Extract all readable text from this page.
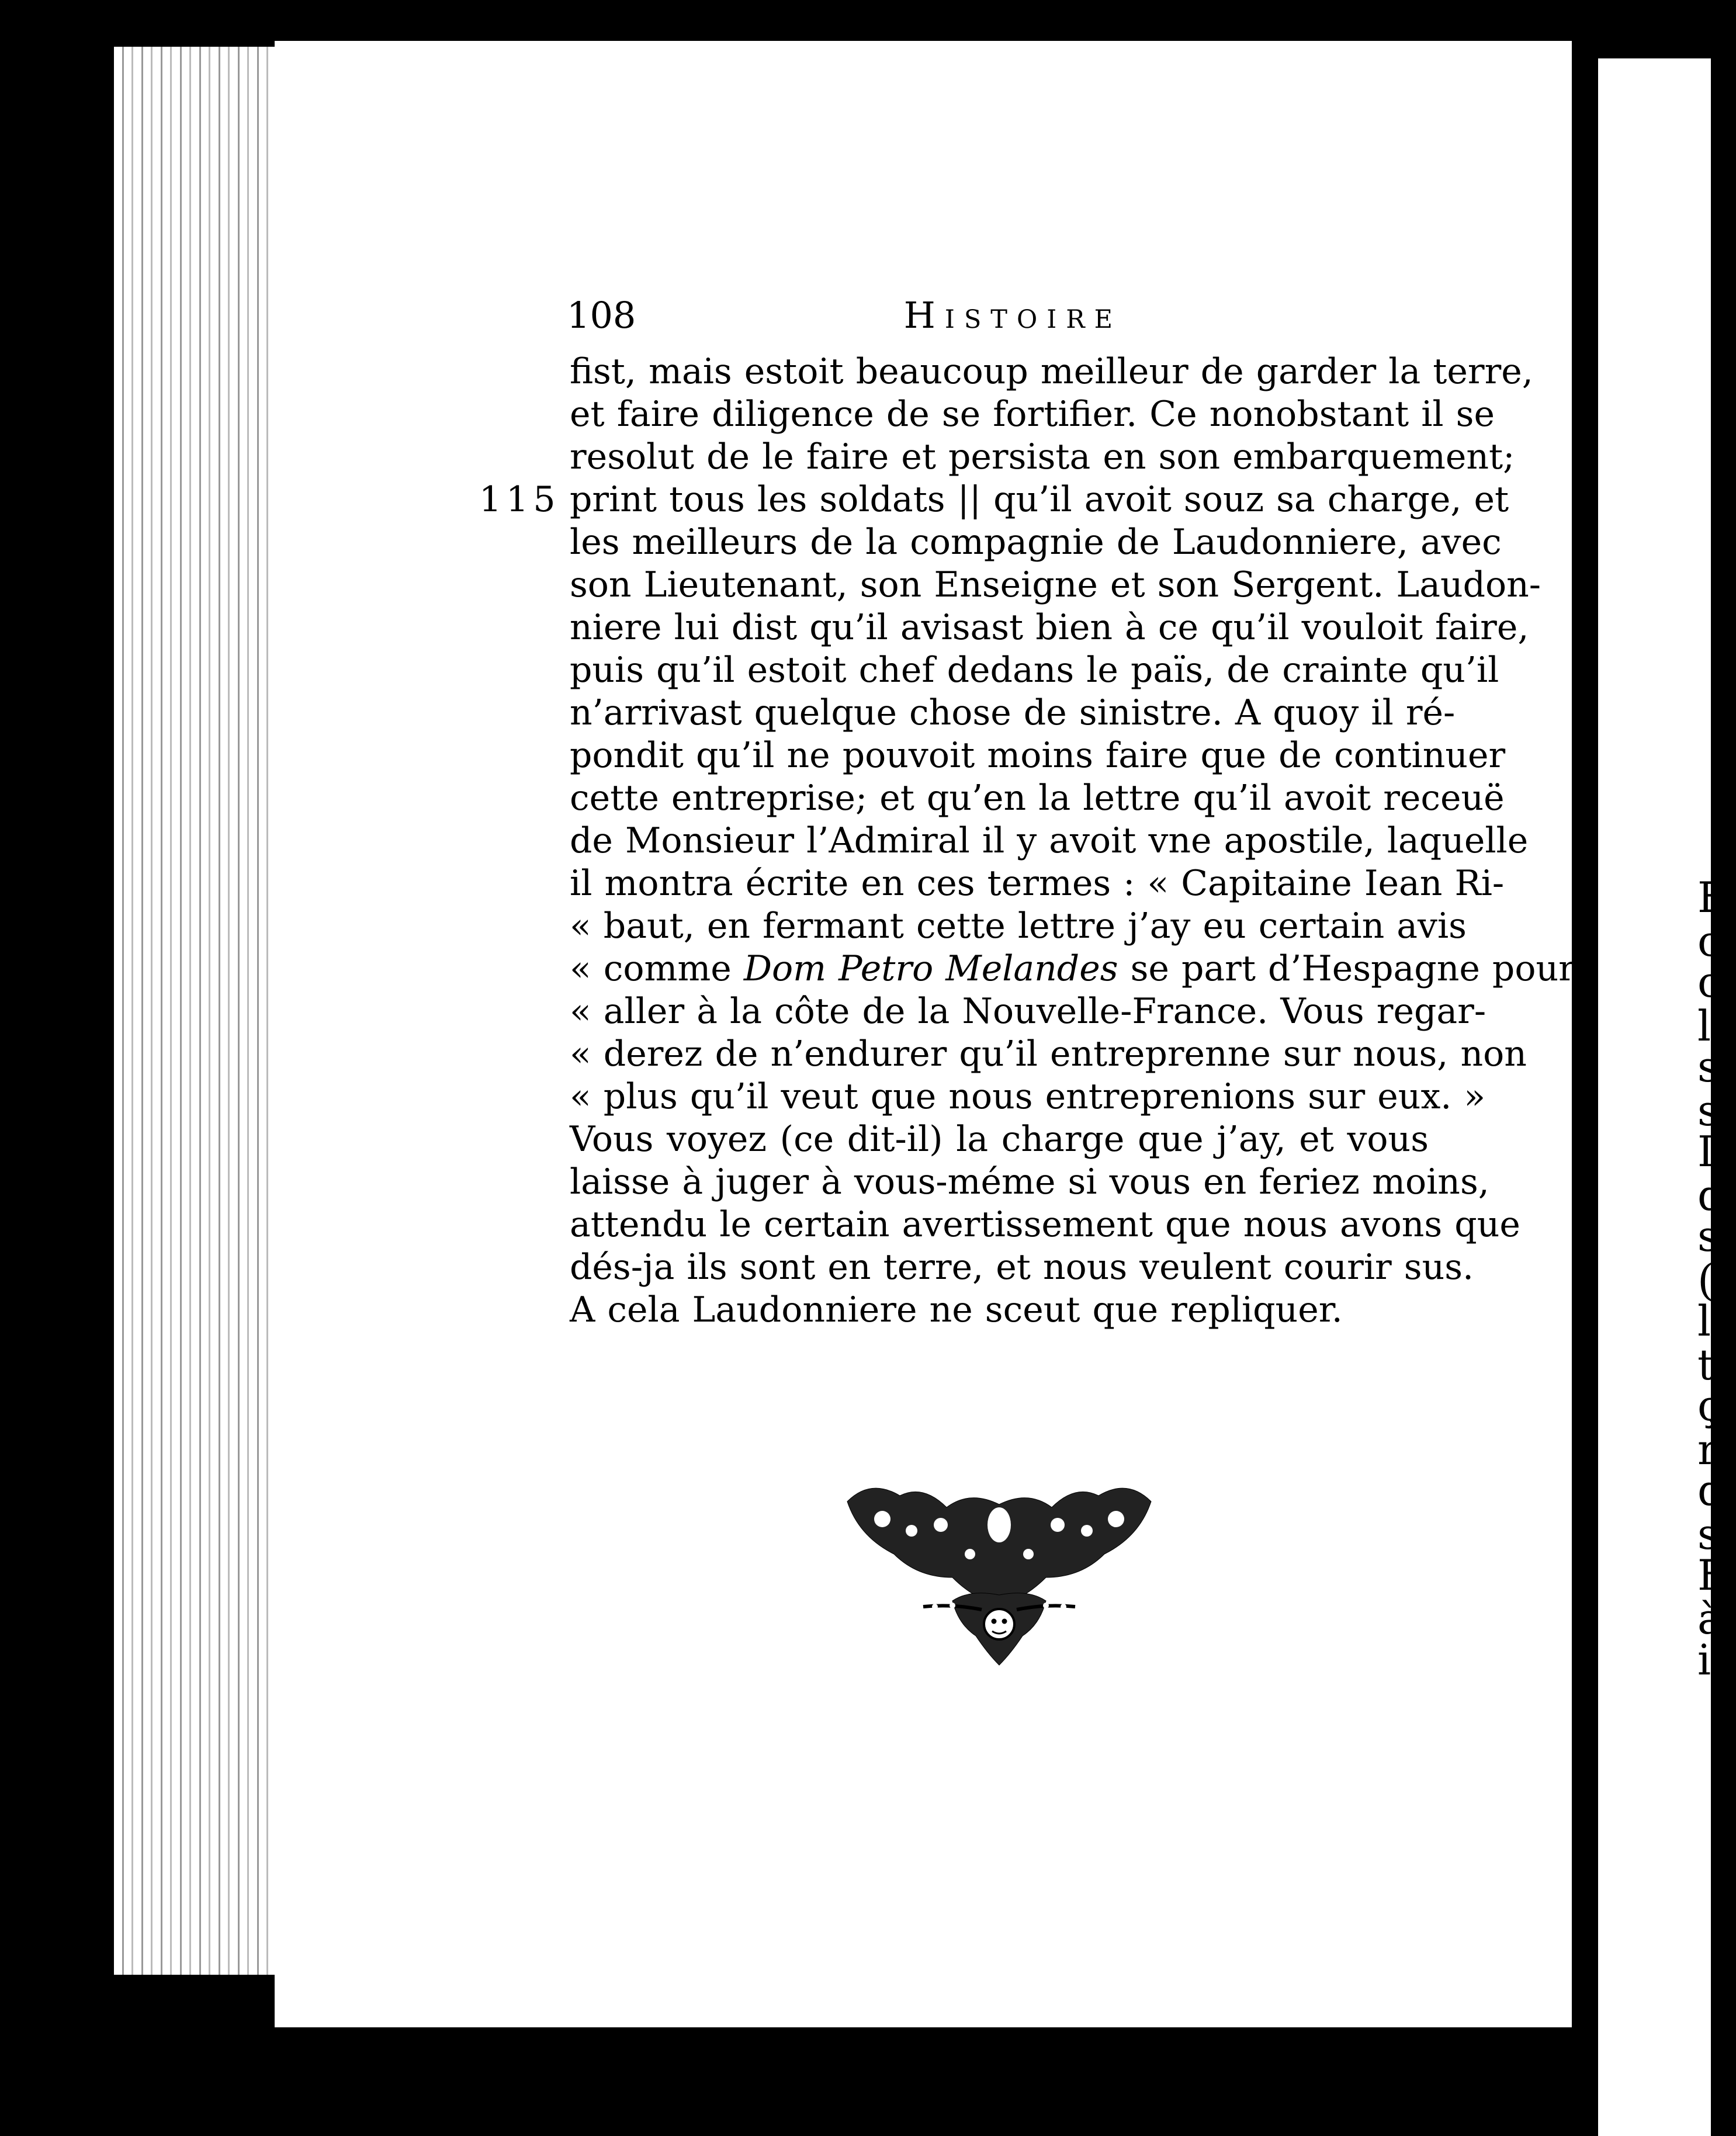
108	Histoire
115
fist, mais estoit beaucoup meilleur de garder la terre,
et faire diligence de se fortifier. Ce nonobstant il se
resolut de le faire et persista en son embarquement;
print tous les soldats || qu’il avoit souz sa charge, et
les meilleurs de la compagnie de Laudonniere, avec
son Lieutenant, son Enseigne et son Sergent. Laudon-
niere lui dist qu’il avisast bien à ce qu’il vouloit faire,
puis qu’il estoit chef dedans le païs, de crainte qu’il
n’arrivast quelque chose de sinistre. A quoy il ré-
pondit qu’il ne pouvoit moins faire que de continuer
cette entreprise; et qu’en la lettre qu’il avoit receuë
de Monsieur l’Admiral il y avoit vne apostile, laquelle
il montra écrite en ces termes : « Capitaine Iean Ri-
« baut, en fermant cette lettre j’ay eu certain avis
« comme Dom Petro Melandes se part d’Hespagne pour
« aller à la côte de la Nouvelle-France. Vous regar-
« derez de n’endurer qu’il entreprenne sur nous, non
« plus qu’il veut que nous entreprenions sur eux. »
Vous voyez (ce dit-il) la charge que j’ay, et vous
laisse à juger à vous-méme si vous en feriez moins,
attendu le certain avertissement que nous avons que
dés-ja ils sont en terre, et nous veulent courir sus.
A cela Laudonniere ne sceut que repliquer.
E
c
c
le
s
s
I
d
s
(
l
t
ç
r
q
s
F
à
i
